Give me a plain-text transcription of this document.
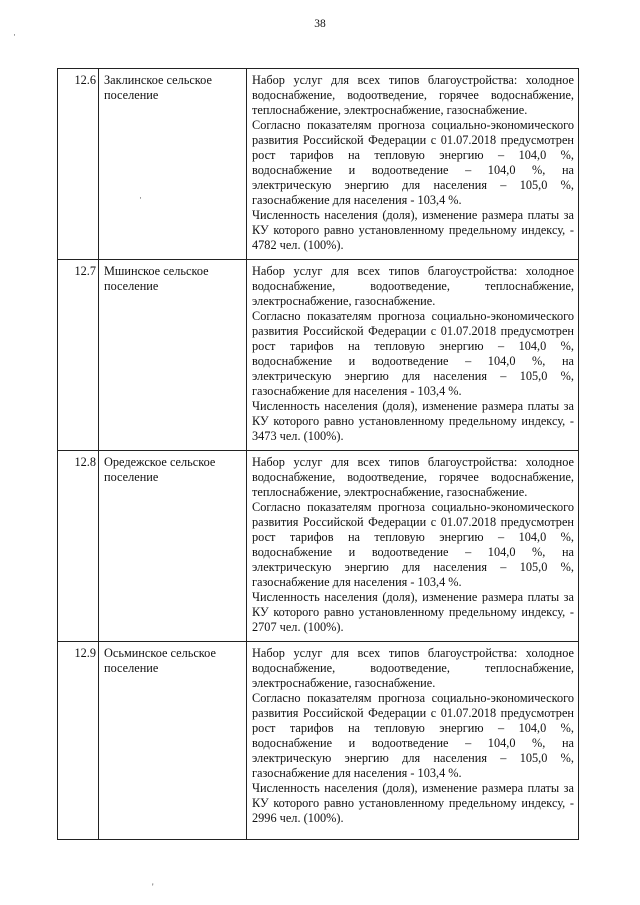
38
12.6	Заклинское сельское поселение	Набор услуг для всех типов благоустройства: холодное водоснабжение, водоотведение, горячее водоснабжение, теплоснабжение, электроснабжение, газоснабжение.

Согласно показателям прогноза социально-экономического развития Российской Федерации с 01.07.2018 предусмотрен рост тарифов на тепловую энергию – 104,0 %, водоснабжение и водоотведение – 104,0 %, на электрическую энергию для населения – 105,0 %, газоснабжение для населения - 103,4 %.

Численность населения (доля), изменение размера платы за КУ которого равно установленному предельному индексу, - 4782 чел. (100%).

12.7	Мшинское сельское поселение	Набор услуг для всех типов благоустройства: холодное водоснабжение, водоотведение, теплоснабжение, электроснабжение, газоснабжение.

Согласно показателям прогноза социально-экономического развития Российской Федерации с 01.07.2018 предусмотрен рост тарифов на тепловую энергию – 104,0 %, водоснабжение и водоотведение – 104,0 %, на электрическую энергию для населения – 105,0 %, газоснабжение для населения - 103,4 %.

Численность населения (доля), изменение размера платы за КУ которого равно установленному предельному индексу, - 3473 чел. (100%).

12.8	Оредежское сельское поселение	Набор услуг для всех типов благоустройства: холодное водоснабжение, водоотведение, горячее водоснабжение, теплоснабжение, электроснабжение, газоснабжение.

Согласно показателям прогноза социально-экономического развития Российской Федерации с 01.07.2018 предусмотрен рост тарифов на тепловую энергию – 104,0 %, водоснабжение и водоотведение – 104,0 %, на электрическую энергию для населения – 105,0 %, газоснабжение для населения - 103,4 %.

Численность населения (доля), изменение размера платы за КУ которого равно установленному предельному индексу, - 2707 чел. (100%).

12.9	Осьминское сельское поселение	Набор услуг для всех типов благоустройства: холодное водоснабжение, водоотведение, теплоснабжение, электроснабжение, газоснабжение.

Согласно показателям прогноза социально-экономического развития Российской Федерации с 01.07.2018 предусмотрен рост тарифов на тепловую энергию – 104,0 %, водоснабжение и водоотведение – 104,0 %, на электрическую энергию для населения – 105,0 %, газоснабжение для населения - 103,4 %.

Численность населения (доля), изменение размера платы за КУ которого равно установленному предельному индексу, - 2996 чел. (100%).

·
·
'
